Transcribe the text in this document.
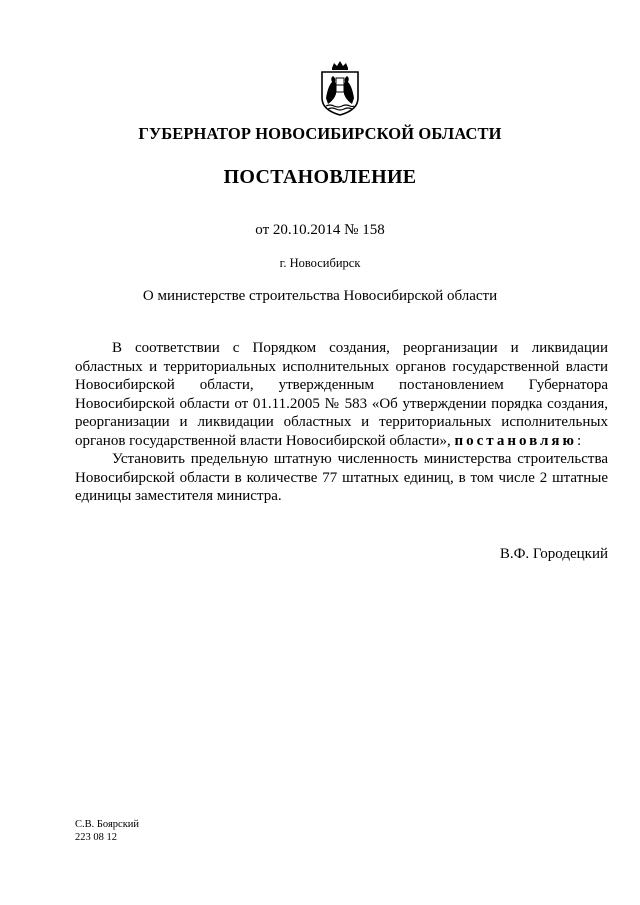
ГУБЕРНАТОР НОВОСИБИРСКОЙ ОБЛАСТИ
ПОСТАНОВЛЕНИЕ
от 20.10.2014 № 158
г. Новосибирск
О министерстве строительства Новосибирской области

В соответствии с Порядком создания, реорганизации и ликвидации областных и территориальных исполнительных органов государственной власти Новосибирской области, утвержденным постановлением Губернатора Новосибирской области от 01.11.2005 № 583 «Об утверждении порядка создания, реорганизации и ликвидации областных и территориальных исполнительных органов государственной власти Новосибирской области», постановляю:

Установить предельную штатную численность министерства строительства Новосибирской области в количестве 77 штатных единиц, в том числе 2 штатные единицы заместителя министра.

В.Ф. Городецкий
С.В. Боярский
223 08 12
